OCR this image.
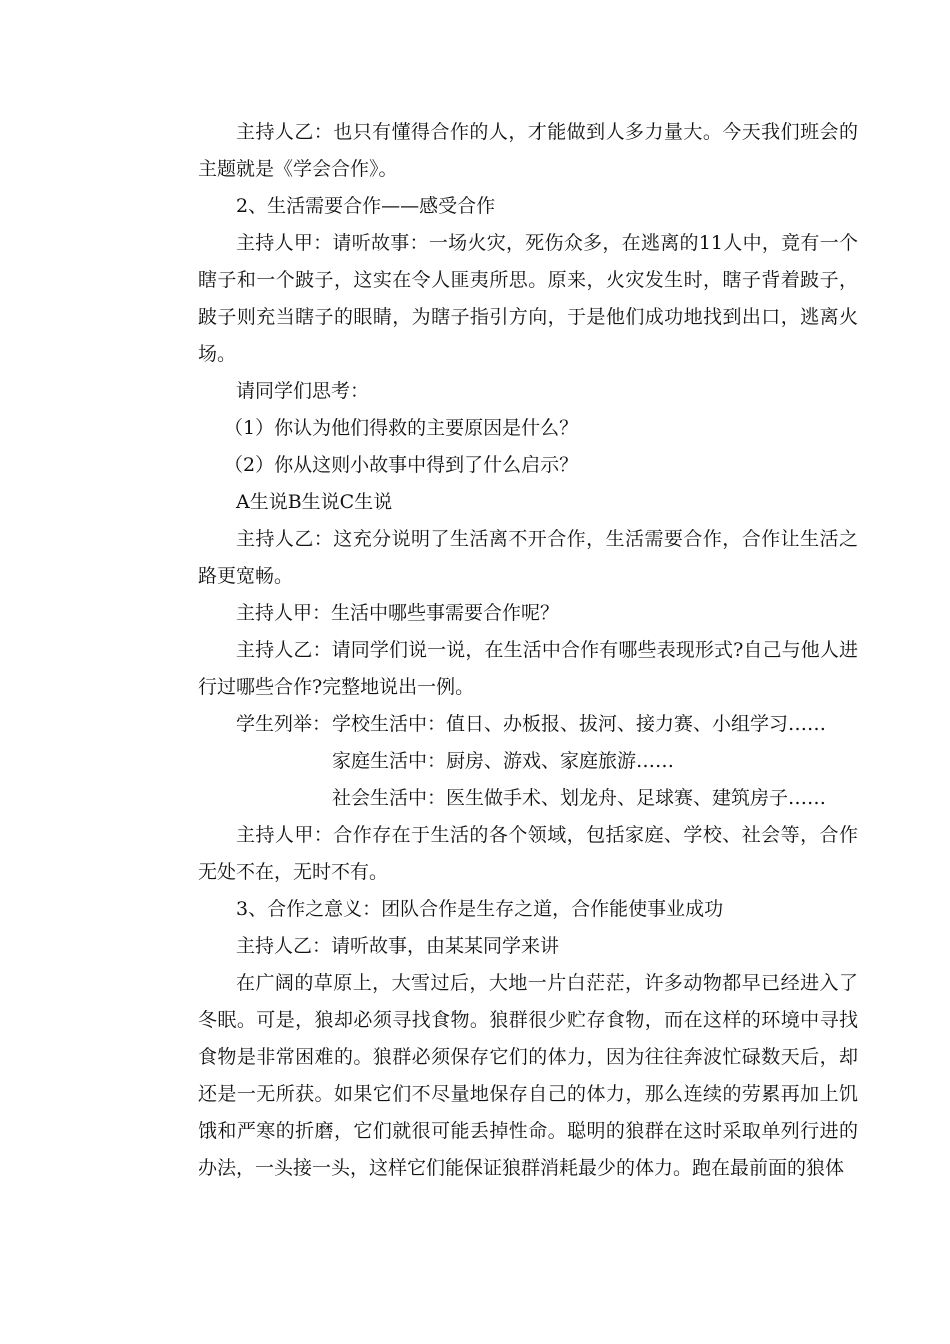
主持人乙：也只有懂得合作的人，才能做到人多力量大。今天我们班会的主题就是《学会合作》。

2、生活需要合作——感受合作

主持人甲：请听故事：一场火灾，死伤众多，在逃离的11人中，竟有一个瞎子和一个跛子，这实在令人匪夷所思。原来，火灾发生时，瞎子背着跛子，跛子则充当瞎子的眼睛，为瞎子指引方向，于是他们成功地找到出口，逃离火场。

请同学们思考：

（1）你认为他们得救的主要原因是什么？

（2）你从这则小故事中得到了什么启示？

A生说B生说C生说

主持人乙：这充分说明了生活离不开合作，生活需要合作，合作让生活之路更宽畅。

主持人甲：生活中哪些事需要合作呢？

主持人乙：请同学们说一说，在生活中合作有哪些表现形式?自己与他人进行过哪些合作?完整地说出一例。

学生列举：学校生活中：值日、办板报、拔河、接力赛、小组学习……
家庭生活中：厨房、游戏、家庭旅游……
社会生活中：医生做手术、划龙舟、足球赛、建筑房子……

主持人甲：合作存在于生活的各个领域，包括家庭、学校、社会等，合作无处不在，无时不有。

3、合作之意义：团队合作是生存之道，合作能使事业成功

主持人乙：请听故事，由某某同学来讲

在广阔的草原上，大雪过后，大地一片白茫茫，许多动物都早已经进入了冬眠。可是，狼却必须寻找食物。狼群很少贮存食物，而在这样的环境中寻找食物是非常困难的。狼群必须保存它们的体力，因为往往奔波忙碌数天后，却还是一无所获。如果它们不尽量地保存自己的体力，那么连续的劳累再加上饥饿和严寒的折磨，它们就很可能丢掉性命。聪明的狼群在这时采取单列行进的办法，一头接一头，这样它们能保证狼群消耗最少的体力。跑在最前面的狼体
